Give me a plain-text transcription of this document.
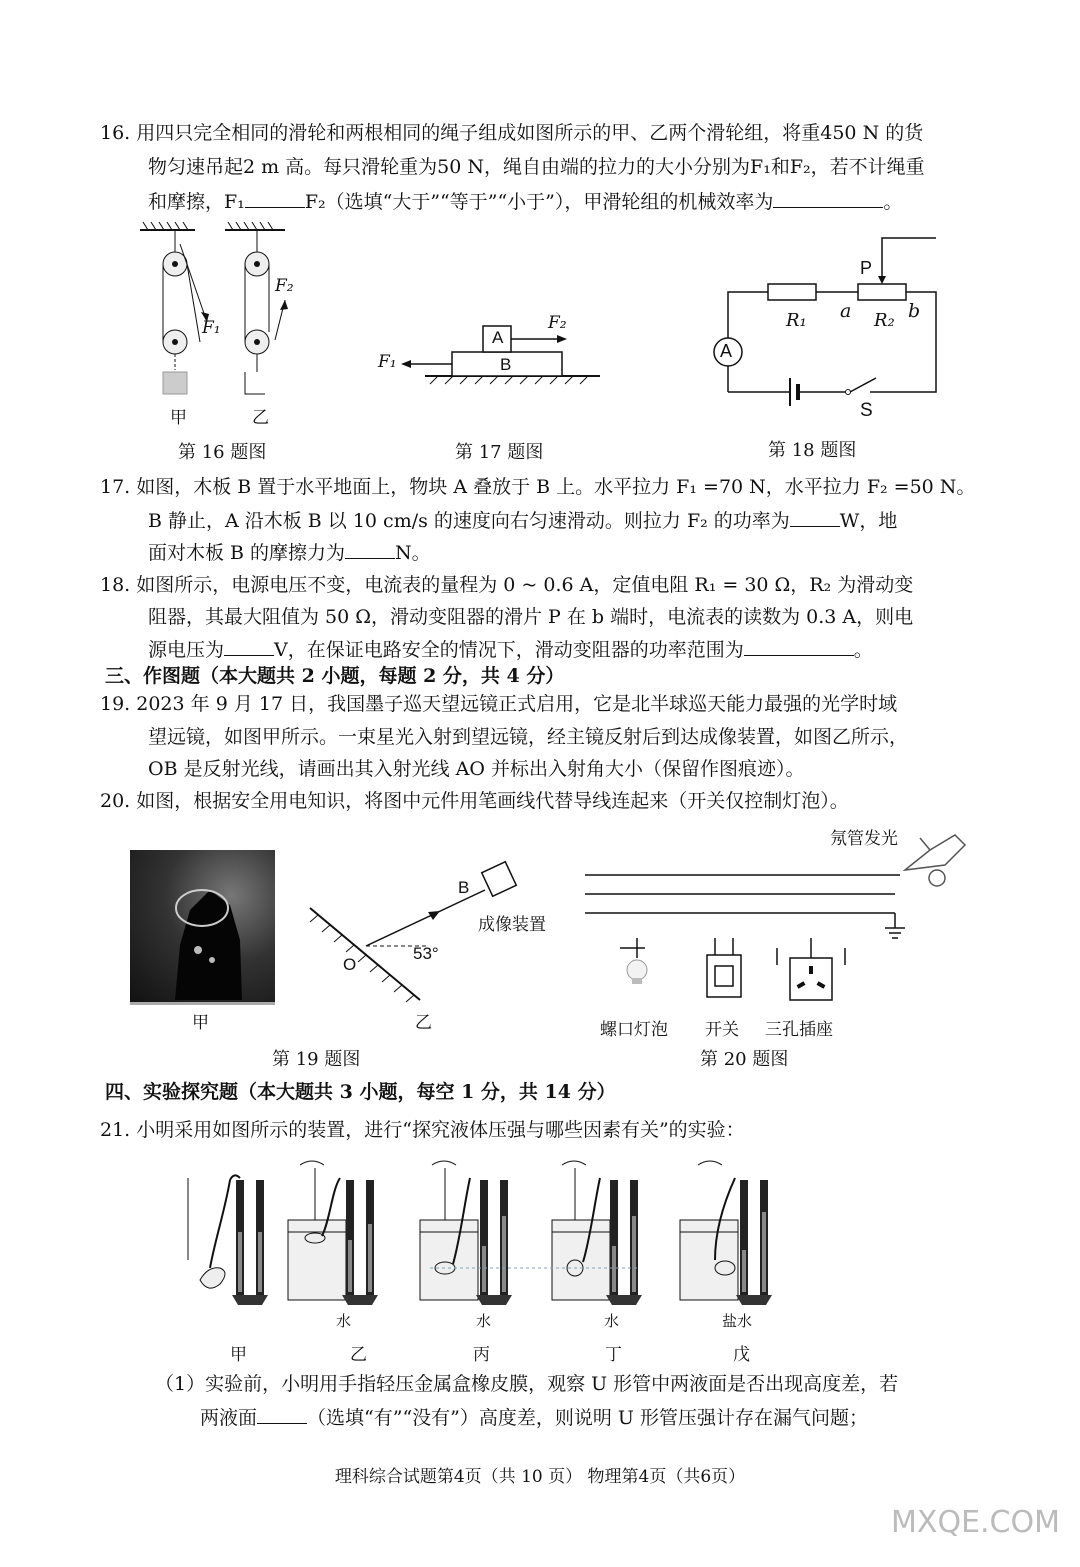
16. 用四只完全相同的滑轮和两根相同的绳子组成如图所示的甲、乙两个滑轮组，将重450 N 的货
物匀速吊起2 m 高。每只滑轮重为50 N，绳自由端的拉力的大小分别为F₁和F₂，若不计绳重
和摩擦，F₁	F₂（选填“大于”“等于”“小于”），甲滑轮组的机械效率为	。
F₁
F₂
甲	乙
第 16 题图
A
B
F₂
F₁
第 17 题图
P
R₁ a R₂ b
A
S
第 18 题图
17. 如图，木板 B 置于水平地面上，物块 A 叠放于 B 上。水平拉力 F₁ =70 N，水平拉力 F₂ =50 N。
B 静止，A 沿木板 B 以 10 cm/s 的速度向右匀速滑动。则拉力 F₂ 的功率为	W，地
面对木板 B 的摩擦力为	N。
18. 如图所示，电源电压不变，电流表的量程为 0 ~ 0.6 A，定值电阻 R₁ = 30 Ω，R₂ 为滑动变
阻器，其最大阻值为 50 Ω，滑动变阻器的滑片 P 在 b 端时，电流表的读数为 0.3 A，则电
源电压为	V，在保证电路安全的情况下，滑动变阻器的功率范围为	。
三、作图题（本大题共 2 小题，每题 2 分，共 4 分）
19. 2023 年 9 月 17 日，我国墨子巡天望远镜正式启用，它是北半球巡天能力最强的光学时域
望远镜，如图甲所示。一束星光入射到望远镜，经主镜反射后到达成像装置，如图乙所示，
OB 是反射光线，请画出其入射光线 AO 并标出入射角大小（保留作图痕迹）。
20. 如图，根据安全用电知识，将图中元件用笔画线代替导线连起来（开关仅控制灯泡）。
甲
B
O
53°
成像装置
乙
第 19 题图
氖管发光
螺口灯泡 开关 三孔插座
第 20 题图
四、实验探究题（本大题共 3 小题，每空 1 分，共 14 分）
21. 小明采用如图所示的装置，进行“探究液体压强与哪些因素有关”的实验：
水	水	水	盐水
甲	乙	丙	丁	戊
（1）实验前，小明用手指轻压金属盒橡皮膜，观察 U 形管中两液面是否出现高度差，若
两液面	（选填“有”“没有”）高度差，则说明 U 形管压强计存在漏气问题；
理科综合试题第4页（共 10 页） 物理第4页（共6页）
MXQE.COM
